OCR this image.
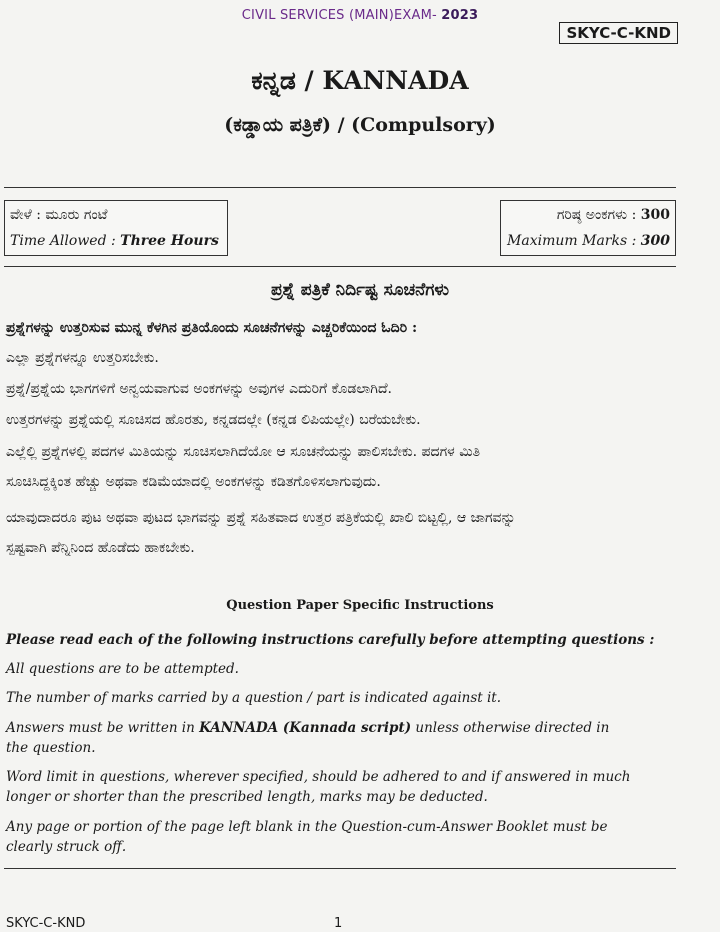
CIVIL SERVICES (MAIN)EXAM- 2023
SKYC-C-KND
ಕನ್ನಡ / KANNADA
(ಕಡ್ಡಾಯ ಪತ್ರಿಕೆ) / (Compulsory)
ವೇಳೆ : ಮೂರು ಗಂಟೆ
Time Allowed : Three Hours
ಗರಿಷ್ಠ ಅಂಕಗಳು : 300
Maximum Marks : 300
ಪ್ರಶ್ನೆ ಪತ್ರಿಕೆ ನಿರ್ದಿಷ್ಟ ಸೂಚನೆಗಳು
ಪ್ರಶ್ನೆಗಳನ್ನು ಉತ್ತರಿಸುವ ಮುನ್ನ ಕೆಳಗಿನ ಪ್ರತಿಯೊಂದು ಸೂಚನೆಗಳನ್ನು ಎಚ್ಚರಿಕೆಯಿಂದ ಓದಿರಿ :
ಎಲ್ಲಾ ಪ್ರಶ್ನೆಗಳನ್ನೂ ಉತ್ತರಿಸಬೇಕು.
ಪ್ರಶ್ನೆ/ಪ್ರಶ್ನೆಯ ಭಾಗಗಳಿಗೆ ಅನ್ವಯವಾಗುವ ಅಂಕಗಳನ್ನು ಅವುಗಳ ಎದುರಿಗೆ ಕೊಡಲಾಗಿದೆ.
ಉತ್ತರಗಳನ್ನು ಪ್ರಶ್ನೆಯಲ್ಲಿ ಸೂಚಿಸದ ಹೊರತು, ಕನ್ನಡದಲ್ಲೇ (ಕನ್ನಡ ಲಿಪಿಯಲ್ಲೇ) ಬರೆಯಬೇಕು.
ಎಲ್ಲೆಲ್ಲಿ ಪ್ರಶ್ನೆಗಳಲ್ಲಿ ಪದಗಳ ಮಿತಿಯನ್ನು ಸೂಚಿಸಲಾಗಿದೆಯೋ ಆ ಸೂಚನೆಯನ್ನು ಪಾಲಿಸಬೇಕು. ಪದಗಳ ಮಿತಿ
ಸೂಚಿಸಿದ್ದಕ್ಕಿಂತ ಹೆಚ್ಚು ಅಥವಾ ಕಡಿಮೆಯಾದಲ್ಲಿ ಅಂಕಗಳನ್ನು ಕಡಿತಗೊಳಿಸಲಾಗುವುದು.
ಯಾವುದಾದರೂ ಪುಟ ಅಥವಾ ಪುಟದ ಭಾಗವನ್ನು ಪ್ರಶ್ನೆ ಸಹಿತವಾದ ಉತ್ತರ ಪತ್ರಿಕೆಯಲ್ಲಿ ಖಾಲಿ ಬಿಟ್ಟಲ್ಲಿ, ಆ ಜಾಗವನ್ನು
ಸ್ಪಷ್ಟವಾಗಿ ಪೆನ್ನಿನಿಂದ ಹೊಡೆದು ಹಾಕಬೇಕು.
Question Paper Specific Instructions
Please read each of the following instructions carefully before attempting questions :
All questions are to be attempted.
The number of marks carried by a question / part is indicated against it.
Answers must be written in KANNADA (Kannada script) unless otherwise directed in
the question.
Word limit in questions, wherever specified, should be adhered to and if answered in much
longer or shorter than the prescribed length, marks may be deducted.
Any page or portion of the page left blank in the Question-cum-Answer Booklet must be
clearly struck off.
SKYC-C-KND	1
